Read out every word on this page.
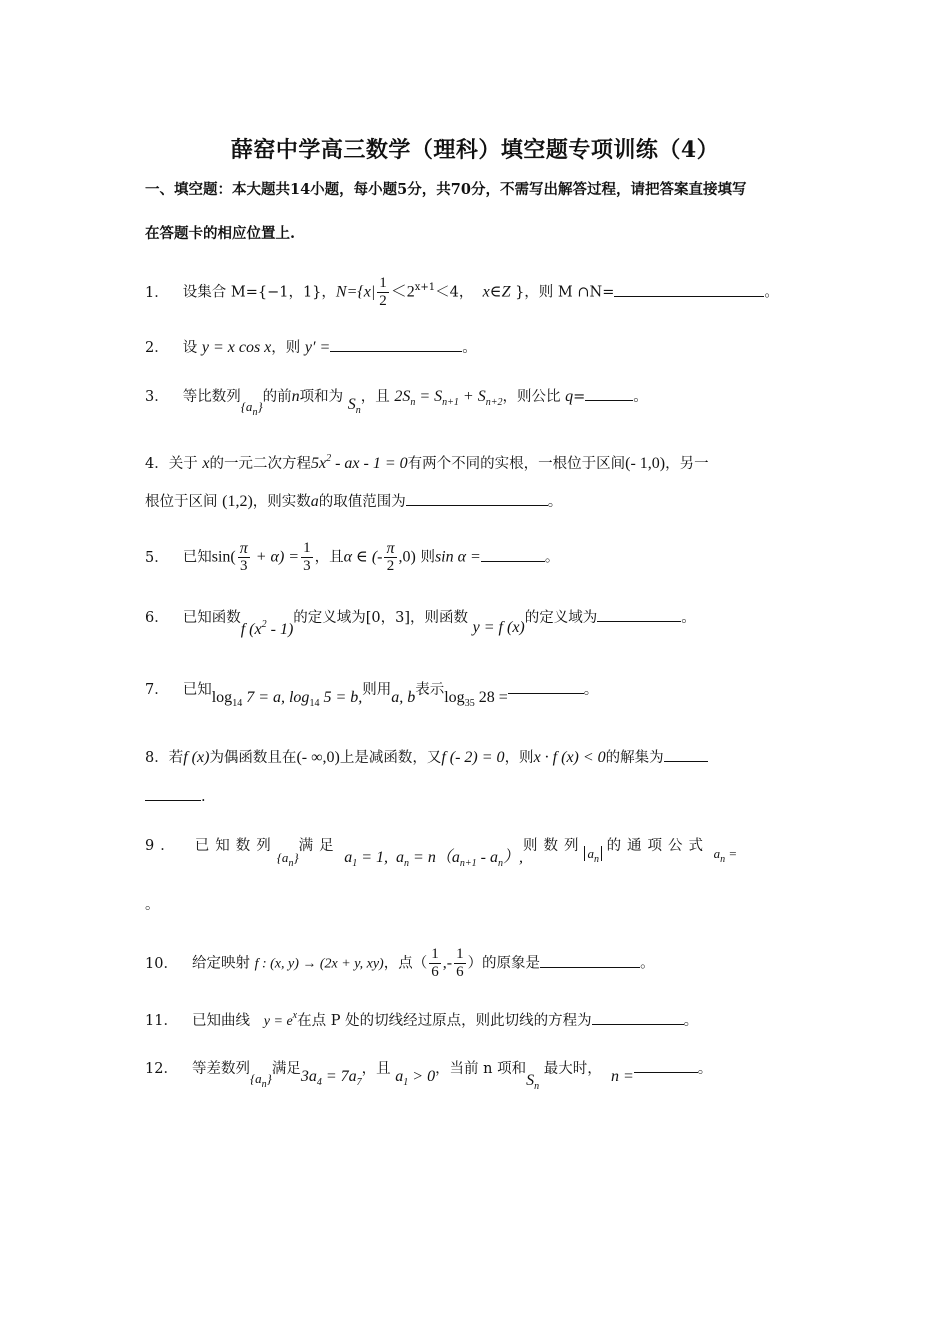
薛窑中学高三数学（理科）填空题专项训练（4）
一、填空题：本大题共14小题，每小题5分，共70分，不需写出解答过程，请把答案直接填写
在答题卡的相应位置上.
1． 设集合 M={−1，1}，$N=\{x| \frac{1}{2} <2^{x+1}<4$， x∈Z }，则 M ∩N=	。
2． 设 y = x cos x，则 y′ =	。
3． 等比数列$\{a_n\}$的前n项和为 $S_n$，且 $2S_n = S_{n+1} + S_{n+2}$，则公比 q=	。
4．关于 x的一元二次方程$5x^2$ - ax - 1 = 0有两个不同的实根，一根位于区间(- 1,0)，另一
根位于区间 (1,2)，则实数a的取值范围为	。
5． 已知$\sin( \frac{\pi}{3} + \alpha) = \frac{1}{3}$ ，且α ∈ (- $\frac{\pi}{2} ,0$) 则sin α =	。
6． 已知函数f $(x^2 - 1)$的定义域为[0，3]，则函数 y = f (x)的定义域为	。
7． 已知$\log_{14} 7 = a$, $\log_{14} 5 = b$,则用a, b表示$\log_{35} 28$ =	。
8．若f (x)为偶函数且在(- ∞,0)上是减函数，又f (- 2) = 0，则x · f (x) < 0的解集为
.
9． 已知数列$\{a_n\}$满足 $a_1 = 1$, $a_n = n(a_{n+1} - a_n)$,则数列 $a_n$ 的通项公式 $a_n$ =
。
10． 给定映射 f : (x, y) → (2x + y, xy)，点（ $\frac{1}{6}$ ,- $\frac{1}{6}$ ）的原象是	。
11． 已知曲线 $y = e^x$在点 P 处的切线经过原点，则此切线的方程为	。
12． 等差数列$\{a_n\}$满足$3a_4 = 7a_7$，且 $a_1 > 0$，当前 n 项和$S_n$ 最大时， n =	。
